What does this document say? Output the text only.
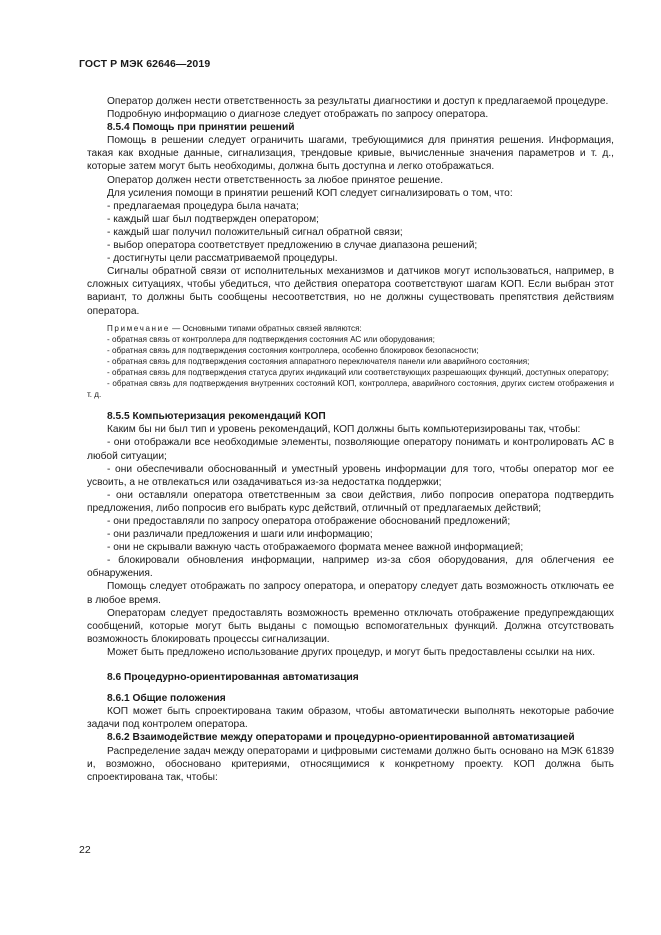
ГОСТ Р МЭК 62646—2019

Оператор должен нести ответственность за результаты диагностики и доступ к предлагаемой процедуре.

Подробную информацию о диагнозе следует отображать по запросу оператора.

8.5.4 Помощь при принятии решений

Помощь в решении следует ограничить шагами, требующимися для принятия решения. Информация, такая как входные данные, сигнализация, трендовые кривые, вычисленные значения параметров и т. д., которые затем могут быть необходимы, должна быть доступна и легко отображаться.

Оператор должен нести ответственность за любое принятое решение.

Для усиления помощи в принятии решений КОП следует сигнализировать о том, что:

- предлагаемая процедура была начата;

- каждый шаг был подтвержден оператором;

- каждый шаг получил положительный сигнал обратной связи;

- выбор оператора соответствует предложению в случае диапазона решений;

- достигнуты цели рассматриваемой процедуры.

Сигналы обратной связи от исполнительных механизмов и датчиков могут использоваться, например, в сложных ситуациях, чтобы убедиться, что действия оператора соответствуют шагам КОП. Если выбран этот вариант, то должны быть сообщены несоответствия, но не должны существовать препятствия действиям оператора.

Примечание — Основными типами обратных связей являются:

- обратная связь от контроллера для подтверждения состояния АС или оборудования;

- обратная связь для подтверждения состояния контроллера, особенно блокировок безопасности;

- обратная связь для подтверждения состояния аппаратного переключателя панели или аварийного состояния;

- обратная связь для подтверждения статуса других индикаций или соответствующих разрешающих функций, доступных оператору;

- обратная связь для подтверждения внутренних состояний КОП, контроллера, аварийного состояния, других систем отображения и т. д.

8.5.5 Компьютеризация рекомендаций КОП

Каким бы ни был тип и уровень рекомендаций, КОП должны быть компьютеризированы так, чтобы:

- они отображали все необходимые элементы, позволяющие оператору понимать и контролировать АС в любой ситуации;

- они обеспечивали обоснованный и уместный уровень информации для того, чтобы оператор мог ее усвоить, а не отвлекаться или озадачиваться из-за недостатка поддержки;

- они оставляли оператора ответственным за свои действия, либо попросив оператора подтвердить предложения, либо попросив его выбрать курс действий, отличный от предлагаемых действий;

- они предоставляли по запросу оператора отображение обоснований предложений;

- они различали предложения и шаги или информацию;

- они не скрывали важную часть отображаемого формата менее важной информацией;

- блокировали обновления информации, например из-за сбоя оборудования, для облегчения ее обнаружения.

Помощь следует отображать по запросу оператора, и оператору следует дать возможность отключать ее в любое время.

Операторам следует предоставлять возможность временно отключать отображение предупреждающих сообщений, которые могут быть выданы с помощью вспомогательных функций. Должна отсутствовать возможность блокировать процессы сигнализации.

Может быть предложено использование других процедур, и могут быть предоставлены ссылки на них.

8.6 Процедурно-ориентированная автоматизация

8.6.1 Общие положения

КОП может быть спроектирована таким образом, чтобы автоматически выполнять некоторые рабочие задачи под контролем оператора.

8.6.2 Взаимодействие между операторами и процедурно-ориентированной автоматизацией

Распределение задач между операторами и цифровыми системами должно быть основано на МЭК 61839 и, возможно, обосновано критериями, относящимися к конкретному проекту. КОП должна быть спроектирована так, чтобы:

22
